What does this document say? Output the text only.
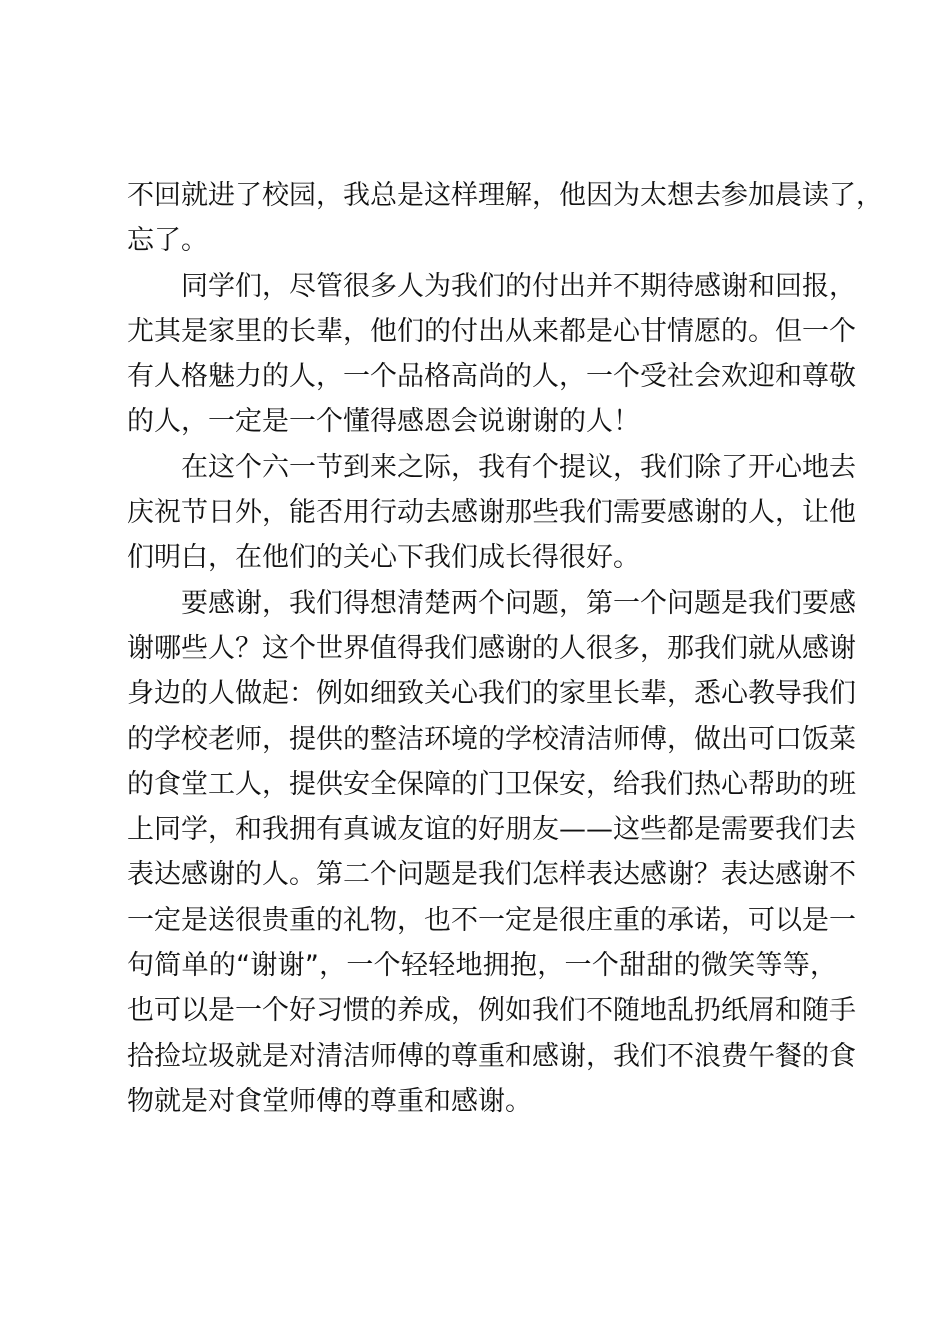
不回就进了校园，我总是这样理解，他因为太想去参加晨读了，
忘了。
同学们，尽管很多人为我们的付出并不期待感谢和回报，
尤其是家里的长辈，他们的付出从来都是心甘情愿的。但一个
有人格魅力的人，一个品格高尚的人，一个受社会欢迎和尊敬
的人，一定是一个懂得感恩会说谢谢的人！
在这个六一节到来之际，我有个提议，我们除了开心地去
庆祝节日外，能否用行动去感谢那些我们需要感谢的人，让他
们明白，在他们的关心下我们成长得很好。
要感谢，我们得想清楚两个问题，第一个问题是我们要感
谢哪些人？这个世界值得我们感谢的人很多，那我们就从感谢
身边的人做起：例如细致关心我们的家里长辈，悉心教导我们
的学校老师，提供的整洁环境的学校清洁师傅，做出可口饭菜
的食堂工人，提供安全保障的门卫保安，给我们热心帮助的班
上同学，和我拥有真诚友谊的好朋友——这些都是需要我们去
表达感谢的人。第二个问题是我们怎样表达感谢？表达感谢不
一定是送很贵重的礼物，也不一定是很庄重的承诺，可以是一
句简单的“谢谢”，一个轻轻地拥抱，一个甜甜的微笑等等，
也可以是一个好习惯的养成，例如我们不随地乱扔纸屑和随手
拾捡垃圾就是对清洁师傅的尊重和感谢，我们不浪费午餐的食
物就是对食堂师傅的尊重和感谢。
